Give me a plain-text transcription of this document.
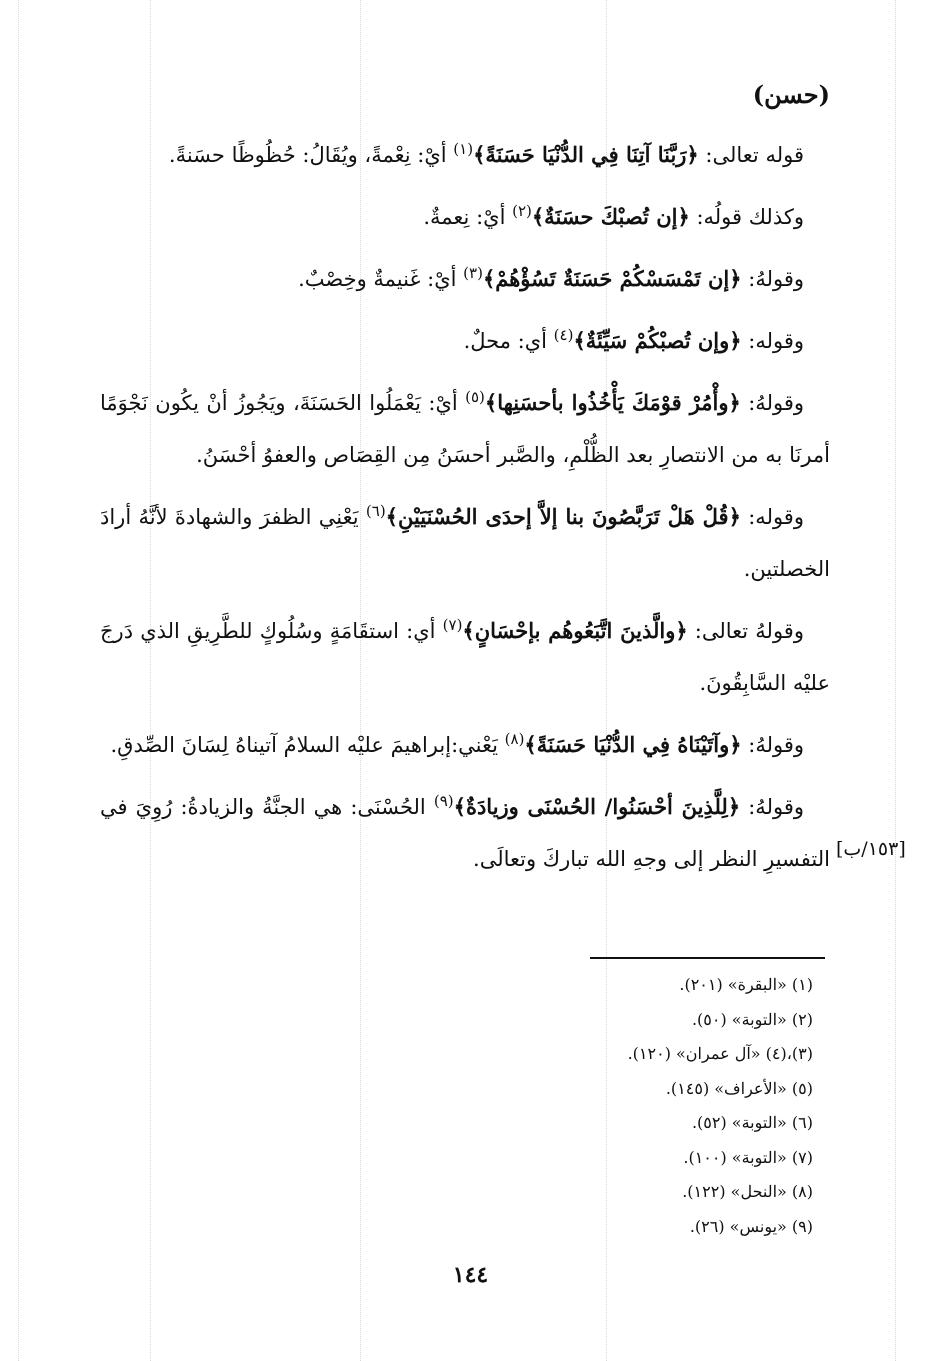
(حسن)

قوله تعالى: ﴿رَبَّنَا آتِنَا فِي الدُّنْيَا حَسَنَةً﴾$^{(١)}$ أيْ: نِعْمةً، ويُقَالُ: حُظُوظًا حسَنةً.

وكذلك قولُه: ﴿إن تُصبْكَ حسَنَةٌ﴾$^{(٢)}$ أيْ: نِعمةٌ.

وقولهُ: ﴿إن تَمْسَسْكُمْ حَسَنَةٌ تَسُؤْهُمْ﴾$^{(٣)}$ أيْ: غَنيمةٌ وخِصْبٌ.

وقوله: ﴿وإن تُصبْكُمْ سَيِّئَةٌ﴾$^{(٤)}$ أي: محلٌ.

وقولهُ: ﴿وأْمُرْ قوْمَكَ يَأْخُذُوا بأحسَنِها﴾$^{(٥)}$ أيْ: يَعْمَلُوا الحَسَنَةَ، ويَجُوزُ أنْ يكُون نَجْوَمًا أمرنَا به من الانتصارِ بعد الظُّلْمِ، والصَّبر أحسَنُ مِن القِصَاص والعفوُ أحْسَنُ.

وقوله: ﴿قُلْ هَلْ تَرَبَّصُونَ بنا إلاَّ إحدَى الحُسْنَيَيْنِ﴾$^{(٦)}$ يَعْنِي الظفرَ والشهادةَ لأنَّهُ أرادَ الخصلتين.

وقولهُ تعالى: ﴿والَّذينَ اتَّبَعُوهُم بإحْسَانٍ﴾$^{(٧)}$ أي: استقَامَةٍ وسُلُوكٍ للطَّرِيقِ الذي دَرجَ عليْه السَّابِقُونَ.

وقولهُ: ﴿وآتَيْنَاهُ فِي الدُّنْيَا حَسَنَةً﴾$^{(٨)}$ يَعْني:إبراهيمَ عليْه السلامُ آتيناهُ لِسَانَ الصِّدقِ.

وقولهُ: ﴿لِلَّذِينَ أحْسَنُوا/ الحُسْنَى وزيادَةٌ﴾$^{(٩)}$ الحُسْنَى: هي الجنَّةُ والزيادةُ: رُوِيَ في التفسيرِ النظر إلى وجهِ الله تباركَ وتعالَى. [١٥٣/ب]
(١) «البقرة» (٢٠١).
(٢) «التوبة» (٥٠).
(٣)،(٤) «آل عمران» (١٢٠).
(٥) «الأعراف» (١٤٥).
(٦) «التوبة» (٥٢).
(٧) «التوبة» (١٠٠).
(٨) «النحل» (١٢٢).
(٩) «يونس» (٢٦).
١٤٤
